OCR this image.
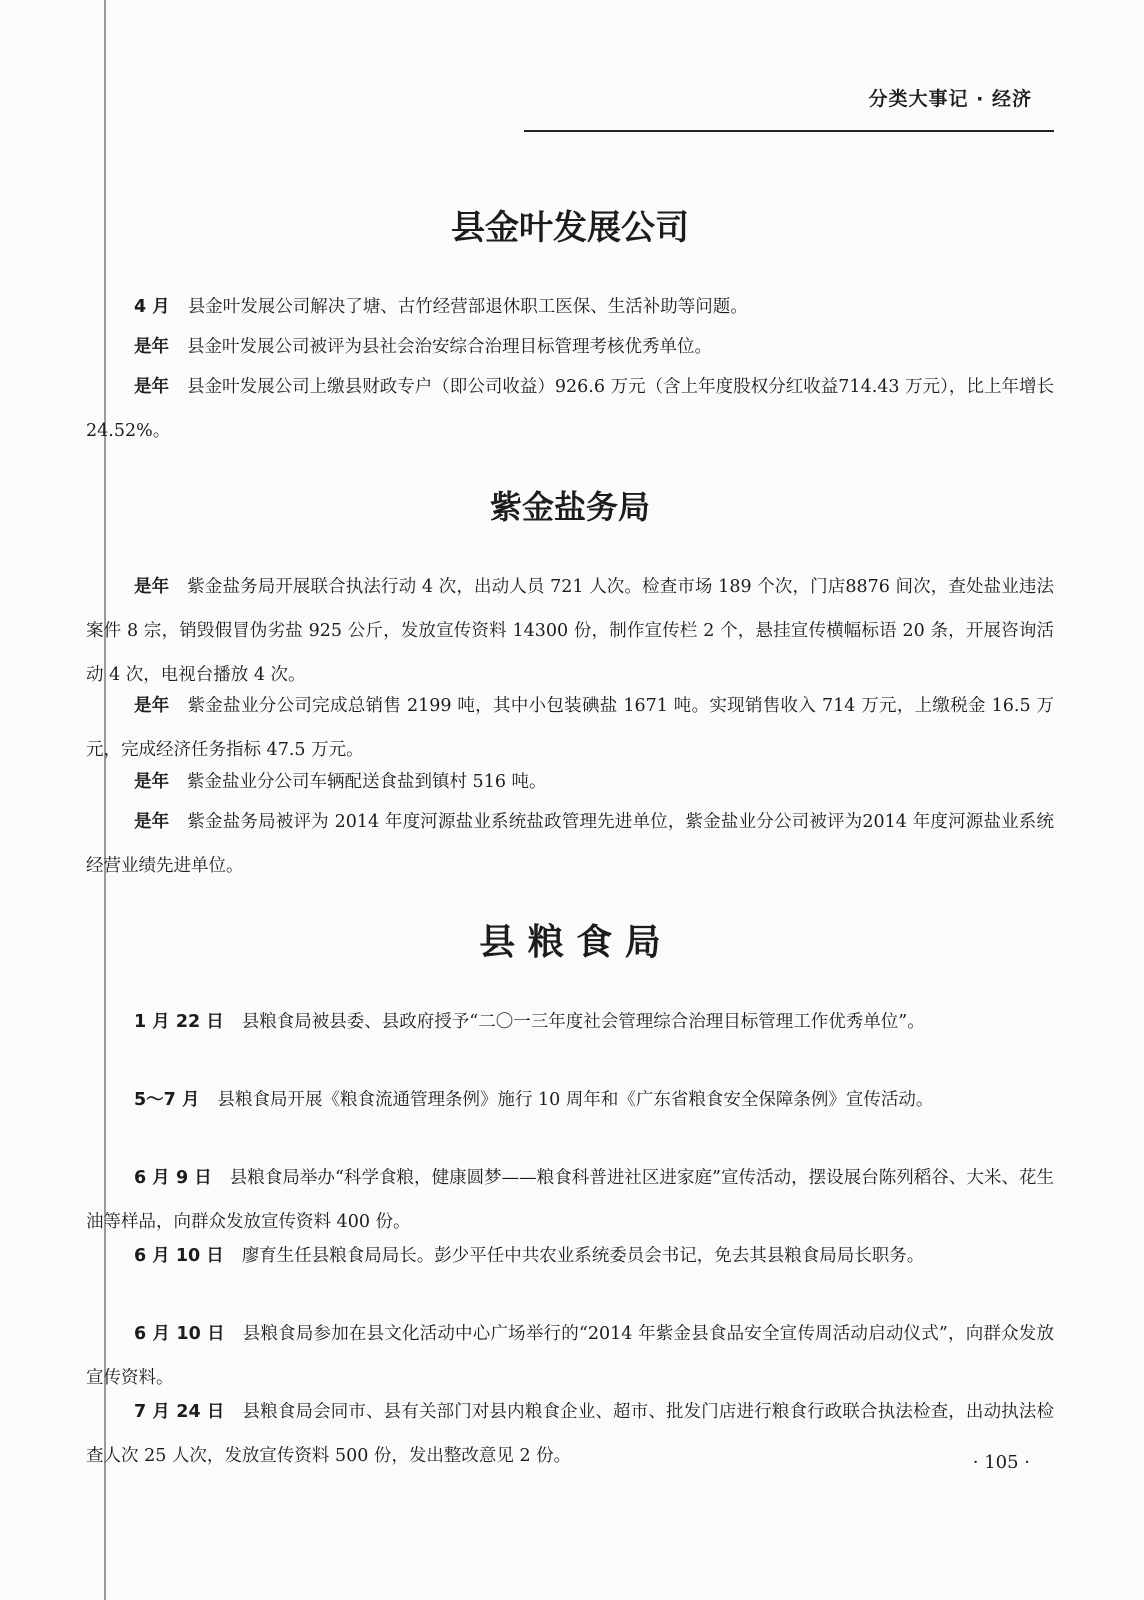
分类大事记 · 经济
县金叶发展公司

4 月 县金叶发展公司解决了塘、古竹经营部退休职工医保、生活补助等问题。

是年 县金叶发展公司被评为县社会治安综合治理目标管理考核优秀单位。

是年 县金叶发展公司上缴县财政专户（即公司收益）926.6 万元（含上年度股权分红收益714.43 万元），比上年增长 24.52%。

紫金盐务局

是年 紫金盐务局开展联合执法行动 4 次，出动人员 721 人次。检查市场 189 个次，门店8876 间次，查处盐业违法案件 8 宗，销毁假冒伪劣盐 925 公斤，发放宣传资料 14300 份，制作宣传栏 2 个，悬挂宣传横幅标语 20 条，开展咨询活动 4 次，电视台播放 4 次。

是年 紫金盐业分公司完成总销售 2199 吨，其中小包装碘盐 1671 吨。实现销售收入 714 万元，上缴税金 16.5 万元，完成经济任务指标 47.5 万元。

是年 紫金盐业分公司车辆配送食盐到镇村 516 吨。

是年 紫金盐务局被评为 2014 年度河源盐业系统盐政管理先进单位，紫金盐业分公司被评为2014 年度河源盐业系统经营业绩先进单位。

县 粮 食 局

1 月 22 日 县粮食局被县委、县政府授予“二〇一三年度社会管理综合治理目标管理工作优秀单位”。

5～7 月 县粮食局开展《粮食流通管理条例》施行 10 周年和《广东省粮食安全保障条例》宣传活动。

6 月 9 日 县粮食局举办“科学食粮，健康圆梦——粮食科普进社区进家庭”宣传活动，摆设展台陈列稻谷、大米、花生油等样品，向群众发放宣传资料 400 份。

6 月 10 日 廖育生任县粮食局局长。彭少平任中共农业系统委员会书记，免去其县粮食局局长职务。

6 月 10 日 县粮食局参加在县文化活动中心广场举行的“2014 年紫金县食品安全宣传周活动启动仪式”，向群众发放宣传资料。

7 月 24 日 县粮食局会同市、县有关部门对县内粮食企业、超市、批发门店进行粮食行政联合执法检查，出动执法检查人次 25 人次，发放宣传资料 500 份，发出整改意见 2 份。	· 105 ·
